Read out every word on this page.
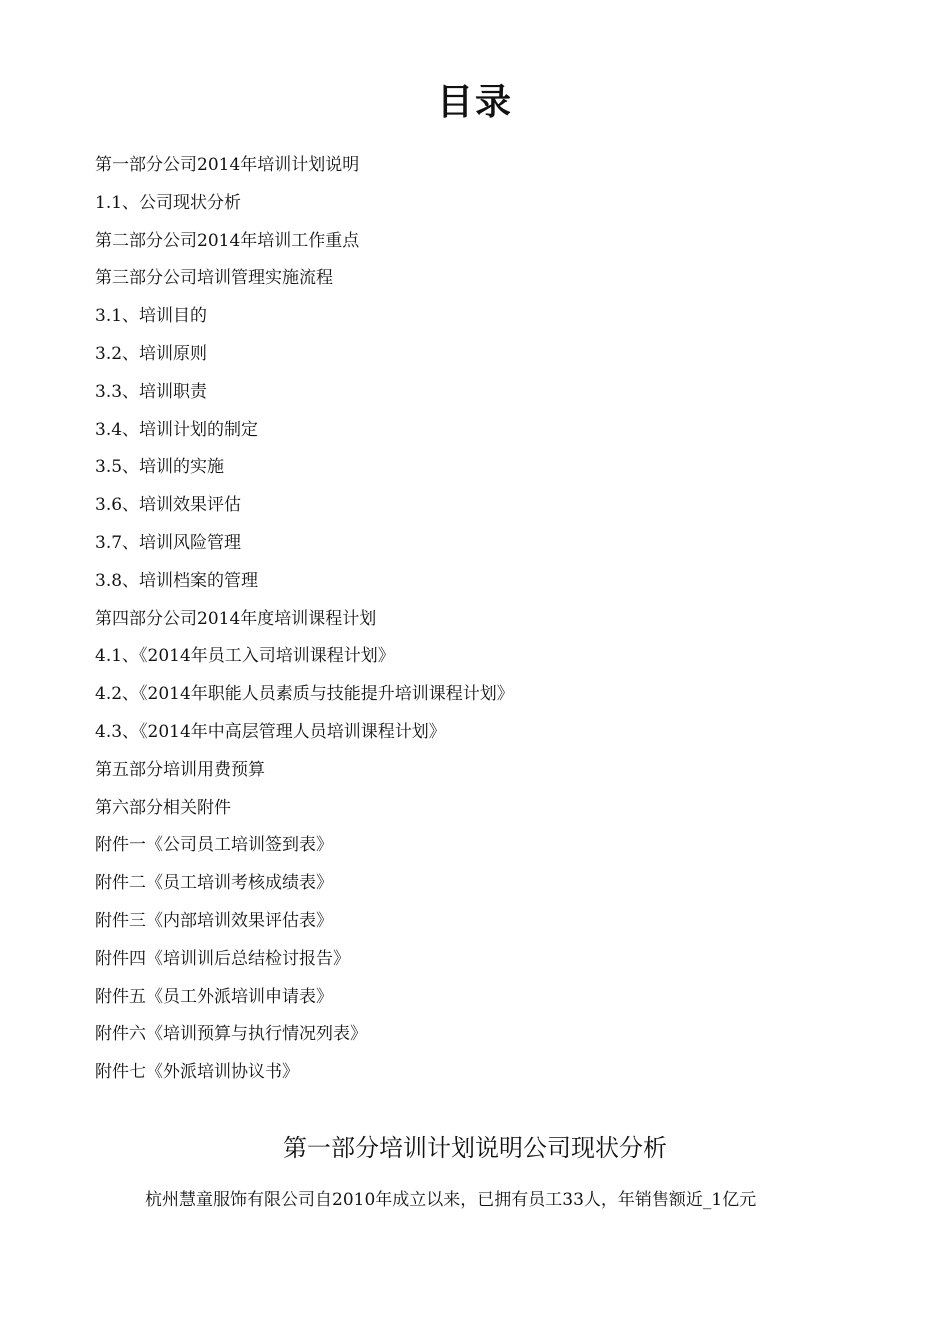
目录
第一部分公司2014年培训计划说明
1.1、公司现状分析
第二部分公司2014年培训工作重点
第三部分公司培训管理实施流程
3.1、培训目的
3.2、培训原则
3.3、培训职责
3.4、培训计划的制定
3.5、培训的实施
3.6、培训效果评估
3.7、培训风险管理
3.8、培训档案的管理
第四部分公司2014年度培训课程计划
4.1、《2014年员工入司培训课程计划》
4.2、《2014年职能人员素质与技能提升培训课程计划》
4.3、《2014年中高层管理人员培训课程计划》
第五部分培训用费预算
第六部分相关附件
附件一《公司员工培训签到表》
附件二《员工培训考核成绩表》
附件三《内部培训效果评估表》
附件四《培训训后总结检讨报告》
附件五《员工外派培训申请表》
附件六《培训预算与执行情况列表》
附件七《外派培训协议书》
第一部分培训计划说明公司现状分析
杭州慧童服饰有限公司自2010年成立以来，已拥有员工33人，年销售额近_1亿元
